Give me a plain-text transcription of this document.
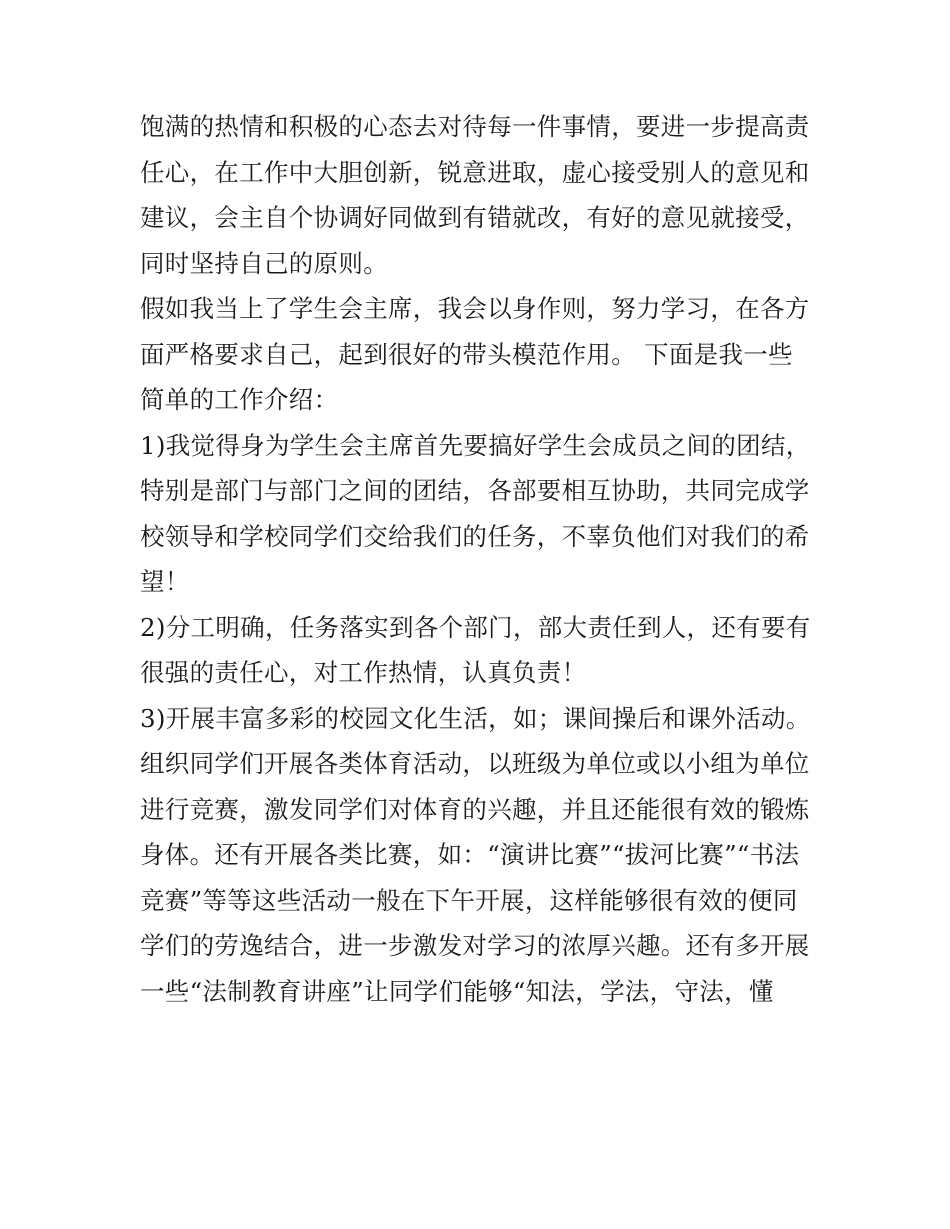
饱满的热情和积极的心态去对待每一件事情，要进一步提高责
任心，在工作中大胆创新，锐意进取，虚心接受别人的意见和
建议，会主自个协调好同做到有错就改，有好的意见就接受，
同时坚持自己的原则。
假如我当上了学生会主席，我会以身作则，努力学习，在各方
面严格要求自己，起到很好的带头模范作用。 下面是我一些
简单的工作介绍：
1)我觉得身为学生会主席首先要搞好学生会成员之间的团结，
特别是部门与部门之间的团结，各部要相互协助，共同完成学
校领导和学校同学们交给我们的任务，不辜负他们对我们的希
望！
2)分工明确，任务落实到各个部门，部大责任到人，还有要有
很强的责任心，对工作热情，认真负责！
3)开展丰富多彩的校园文化生活，如；课间操后和课外活动。
组织同学们开展各类体育活动，以班级为单位或以小组为单位
进行竞赛，激发同学们对体育的兴趣，并且还能很有效的锻炼
身体。还有开展各类比赛，如：“演讲比赛”“拔河比赛”“书法
竞赛”等等这些活动一般在下午开展，这样能够很有效的便同
学们的劳逸结合，进一步激发对学习的浓厚兴趣。还有多开展
一些“法制教育讲座”让同学们能够“知法，学法，守法，懂
